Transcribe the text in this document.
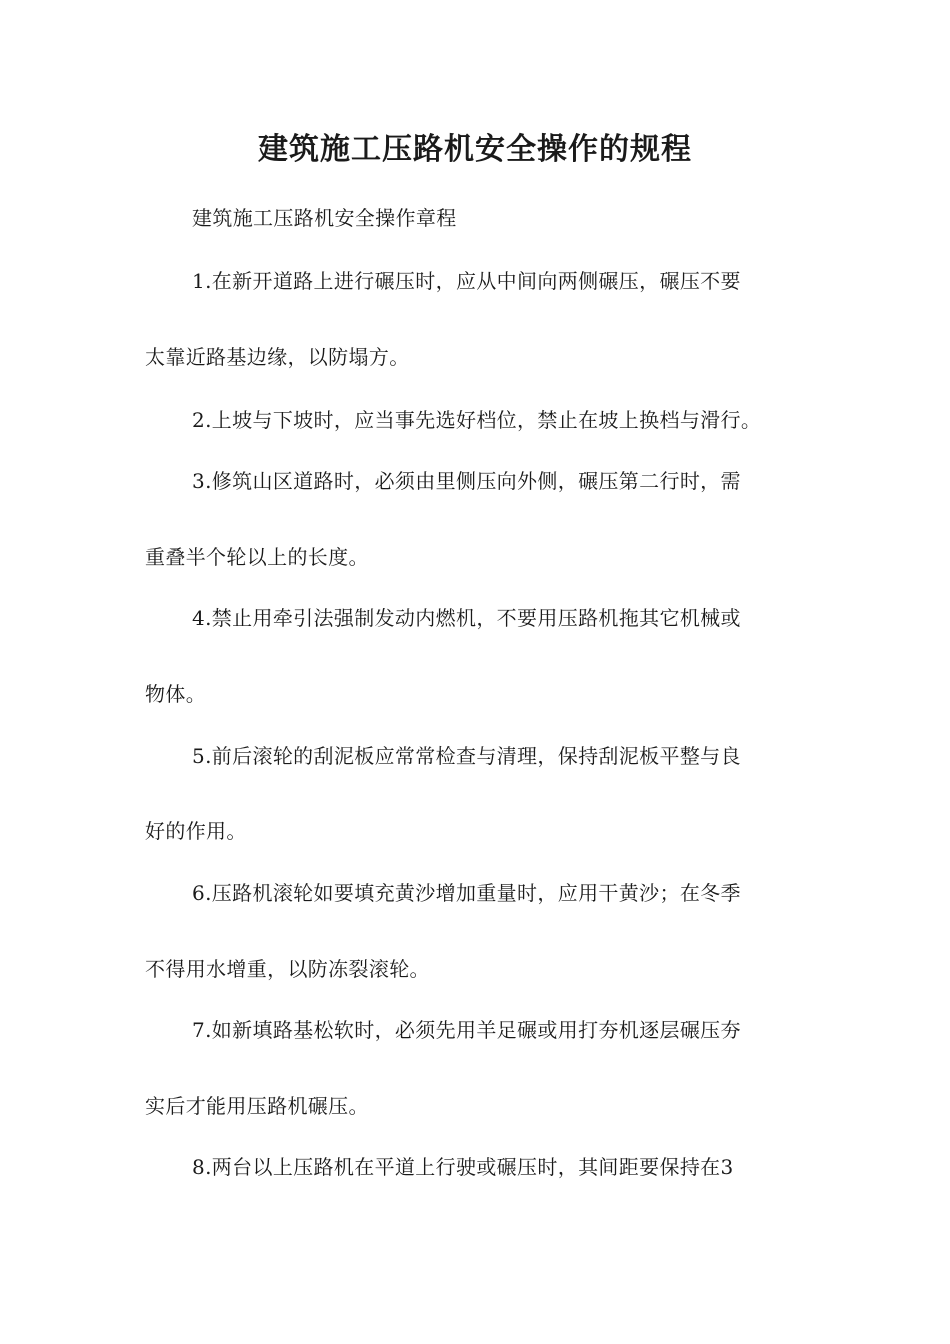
建筑施工压路机安全操作的规程
建筑施工压路机安全操作章程
1.在新开道路上进行碾压时，应从中间向两侧碾压，碾压不要
太靠近路基边缘，以防塌方。
2.上坡与下坡时，应当事先选好档位，禁止在坡上换档与滑行。
3.修筑山区道路时，必须由里侧压向外侧，碾压第二行时，需
重叠半个轮以上的长度。
4.禁止用牵引法强制发动内燃机，不要用压路机拖其它机械或
物体。
5.前后滚轮的刮泥板应常常检查与清理，保持刮泥板平整与良
好的作用。
6.压路机滚轮如要填充黄沙增加重量时，应用干黄沙；在冬季
不得用水增重，以防冻裂滚轮。
7.如新填路基松软时，必须先用羊足碾或用打夯机逐层碾压夯
实后才能用压路机碾压。
8.两台以上压路机在平道上行驶或碾压时，其间距要保持在3
